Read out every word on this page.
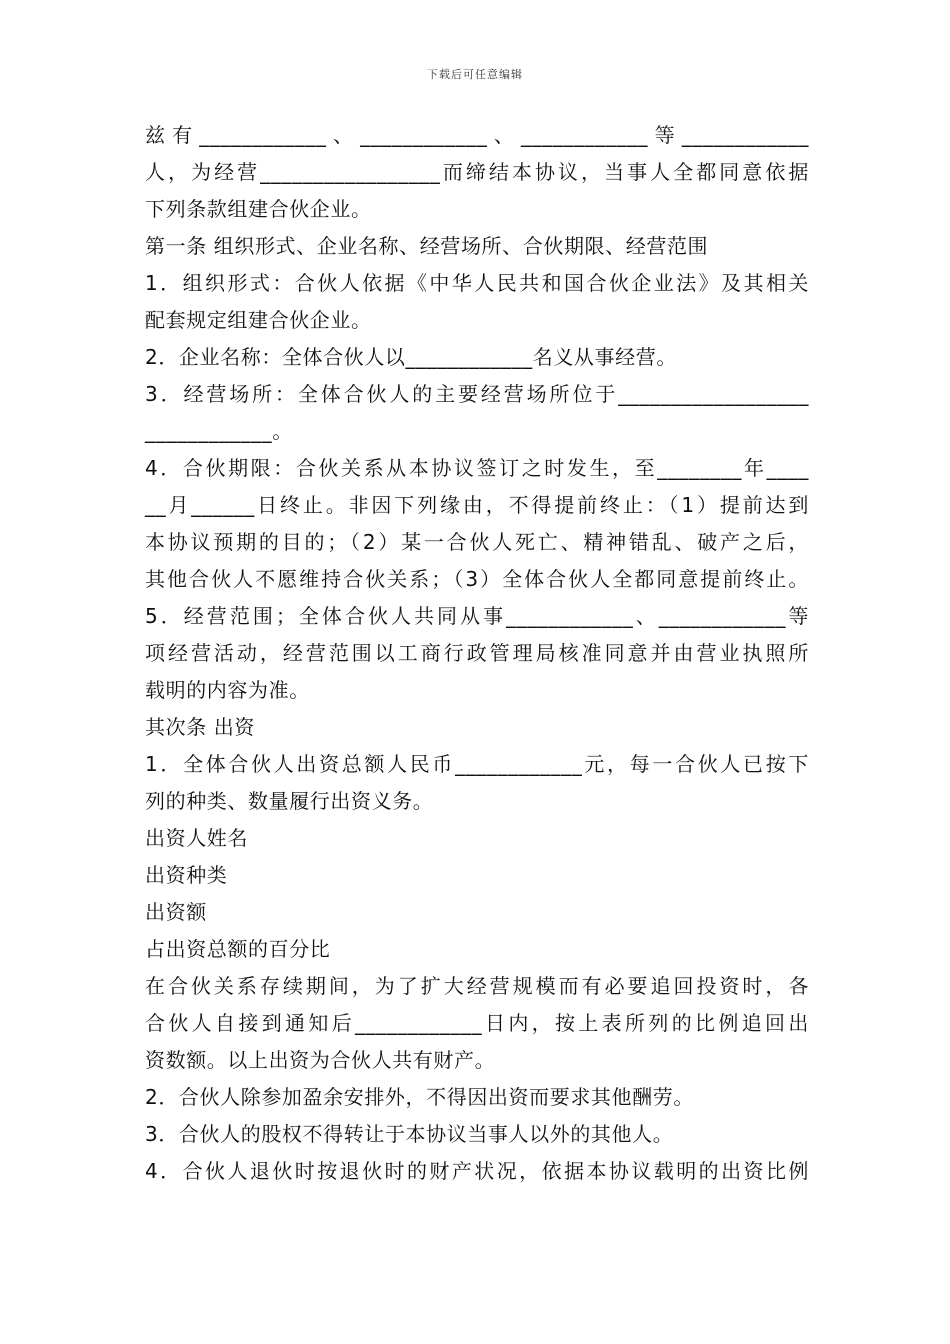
下载后可任意编辑
兹有____________、____________、____________等____________
人，为经营_________________而缔结本协议，当事人全都同意依据
下列条款组建合伙企业。
第一条 组织形式、企业名称、经营场所、合伙期限、经营范围
1．组织形式：合伙人依据《中华人民共和国合伙企业法》及其相关
配套规定组建合伙企业。
2．企业名称：全体合伙人以____________名义从事经营。
3．经营场所：全体合伙人的主要经营场所位于__________________
____________。
4．合伙期限：合伙关系从本协议签订之时发生，至________年____
__月______日终止。非因下列缘由，不得提前终止：（1）提前达到
本协议预期的目的；（2）某一合伙人死亡、精神错乱、破产之后，
其他合伙人不愿维持合伙关系；（3）全体合伙人全都同意提前终止。
5．经营范围；全体合伙人共同从事____________、____________等
项经营活动，经营范围以工商行政管理局核准同意并由营业执照所
载明的内容为准。
其次条 出资
1．全体合伙人出资总额人民币____________元，每一合伙人已按下
列的种类、数量履行出资义务。
出资人姓名
出资种类
出资额
占出资总额的百分比
在合伙关系存续期间，为了扩大经营规模而有必要追回投资时，各
合伙人自接到通知后____________日内，按上表所列的比例追回出
资数额。以上出资为合伙人共有财产。
2．合伙人除参加盈余安排外，不得因出资而要求其他酬劳。
3．合伙人的股权不得转让于本协议当事人以外的其他人。
4．合伙人退伙时按退伙时的财产状况，依据本协议载明的出资比例
